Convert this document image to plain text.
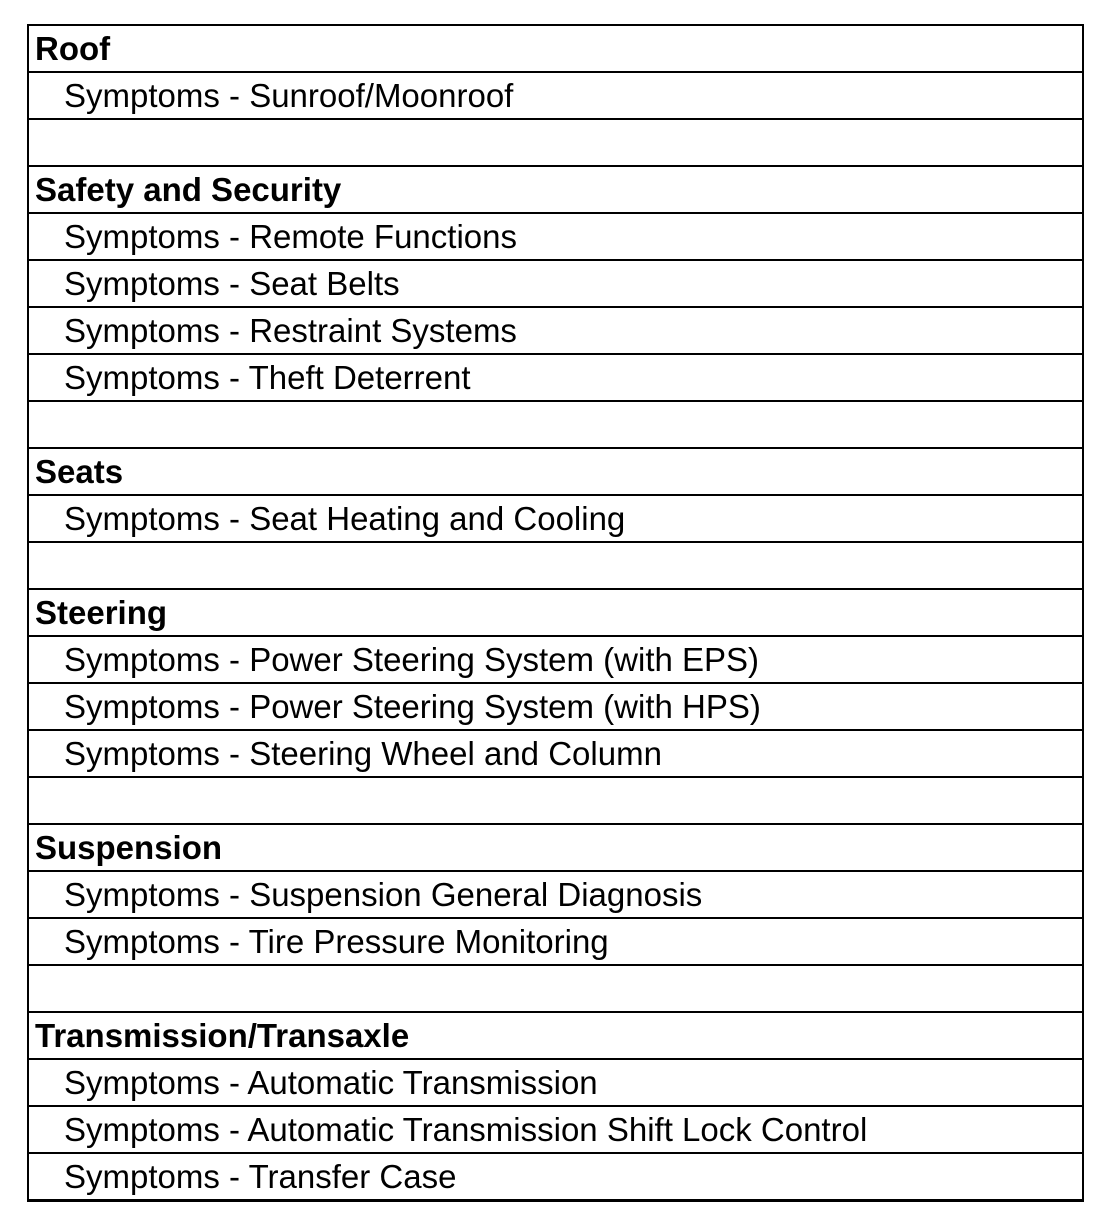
Roof
Symptoms - Sunroof/Moonroof
Safety and Security
Symptoms - Remote Functions
Symptoms - Seat Belts
Symptoms - Restraint Systems
Symptoms - Theft Deterrent
Seats
Symptoms - Seat Heating and Cooling
Steering
Symptoms - Power Steering System (with EPS)
Symptoms - Power Steering System (with HPS)
Symptoms - Steering Wheel and Column
Suspension
Symptoms - Suspension General Diagnosis
Symptoms - Tire Pressure Monitoring
Transmission/Transaxle
Symptoms - Automatic Transmission
Symptoms - Automatic Transmission Shift Lock Control
Symptoms - Transfer Case
